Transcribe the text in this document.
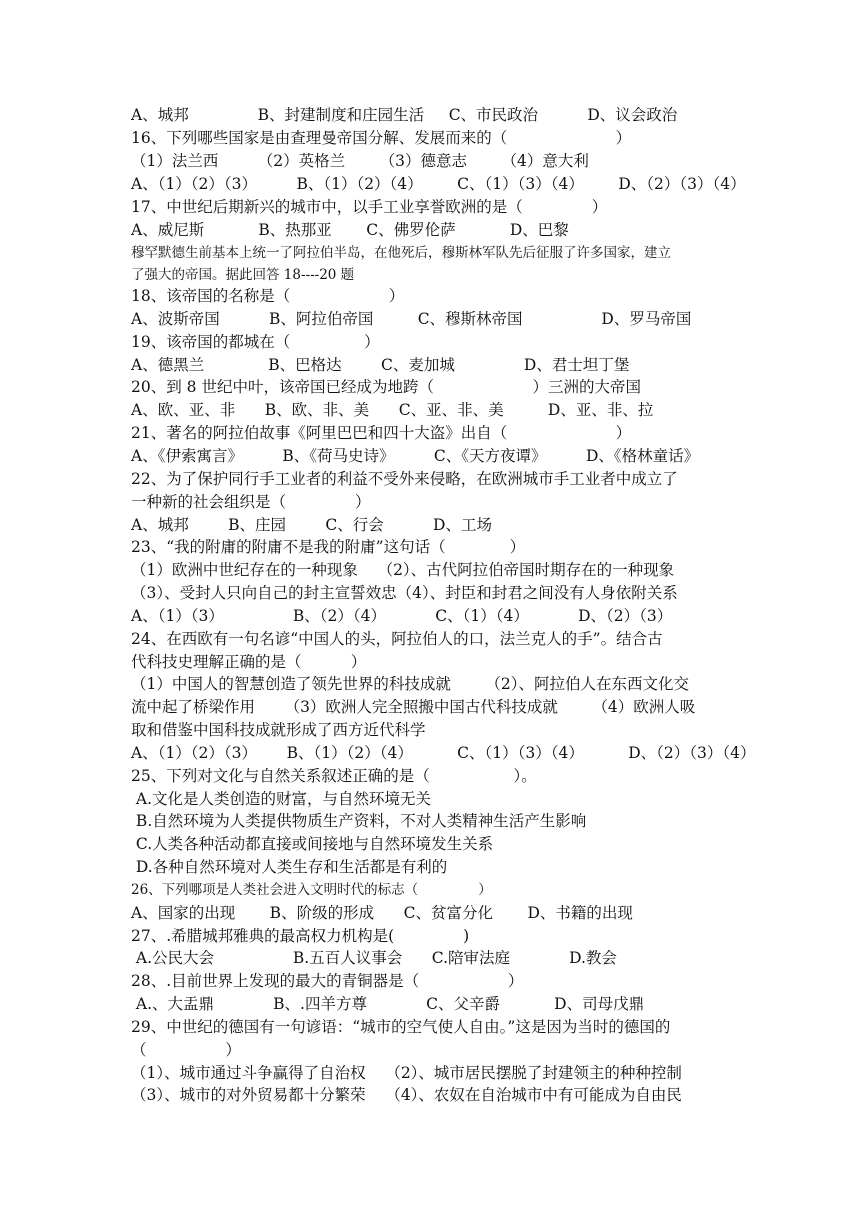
A、城邦              B、封建制度和庄园生活     C、市民政治          D、议会政治
16、下列哪些国家是由查理曼帝国分解、发展而来的（                      ）
（1）法兰西        （2）英格兰       （3）德意志       （4）意大利
A、（1）（2）（3）        B、（1）（2）（4）       C、（1）（3）（4）       D、（2）（3）（4）
17、中世纪后期新兴的城市中，以手工业享誉欧洲的是（              ）
A、威尼斯           B、热那亚       C、佛罗伦萨           D、巴黎
穆罕默德生前基本上统一了阿拉伯半岛，在他死后，穆斯林军队先后征服了许多国家，建立
了强大的帝国。据此回答 18----20 题
18、该帝国的名称是（                    ）
A、波斯帝国          B、阿拉伯帝国         C、穆斯林帝国                D、罗马帝国
19、该帝国的都城在（               ）
A、德黑兰             B、巴格达        C、麦加城              D、君士坦丁堡
20、到 8 世纪中叶，该帝国已经成为地跨（                    ）三洲的大帝国
A、欧、亚、非      B、欧、非、美      C、亚、非、美         D、亚、非、拉
21、著名的阿拉伯故事《阿里巴巴和四十大盗》出自（                      ）
A、《伊索寓言》        B、《荷马史诗》        C、《天方夜谭》        D、《格林童话》
22、为了保护同行手工业者的利益不受外来侵略，在欧洲城市手工业者中成立了
一种新的社会组织是（              ）
A、城邦        B、庄园        C、行会          D、工场
23、“我的附庸的附庸不是我的附庸”这句话（             ）
（1）欧洲中世纪存在的一种现象    （2）、古代阿拉伯帝国时期存在的一种现象
（3）、受封人只向自己的封主宣誓效忠（4）、封臣和封君之间没有人身依附关系
A、（1）（3）              B、（2）（4）          C、（1）（4）          D、（2）（3）
24、在西欧有一句名谚“中国人的头，阿拉伯人的口，法兰克人的手”。结合古
代科技史理解正确的是（          ）
（1）中国人的智慧创造了领先世界的科技成就       （2）、阿拉伯人在东西文化交
流中起了桥梁作用      （3）欧洲人完全照搬中国古代科技成就       （4）欧洲人吸
取和借鉴中国科技成就形成了西方近代科学
A、（1）（2）（3）      B、（1）（2）（4）         C、（1）（3）（4）         D、（2）（3）（4）
25、下列对文化与自然关系叙述正确的是（                 ）。
A.文化是人类创造的财富，与自然环境无关
B.自然环境为人类提供物质生产资料，不对人类精神生活产生影响
C.人类各种活动都直接或间接地与自然环境发生关系
D.各种自然环境对人类生存和生活都是有利的
26、下列哪项是人类社会进入文明时代的标志（              ）
A、国家的出现       B、阶级的形成      C、贫富分化       D、书籍的出现
27、.希腊城邦雅典的最高权力机构是(              )
A.公民大会                B.五百人议事会      C.陪审法庭            D.教会
28、.目前世界上发现的最大的青铜器是（                  ）
A.、大盂鼎            B、.四羊方尊            C、父辛爵           D、司母戊鼎
29、中世纪的德国有一句谚语：“城市的空气使人自由。”这是因为当时的德国的
（                ）
（1）、城市通过斗争赢得了自治权    （2）、城市居民摆脱了封建领主的种种控制
（3）、城市的对外贸易都十分繁荣    （4）、农奴在自治城市中有可能成为自由民
